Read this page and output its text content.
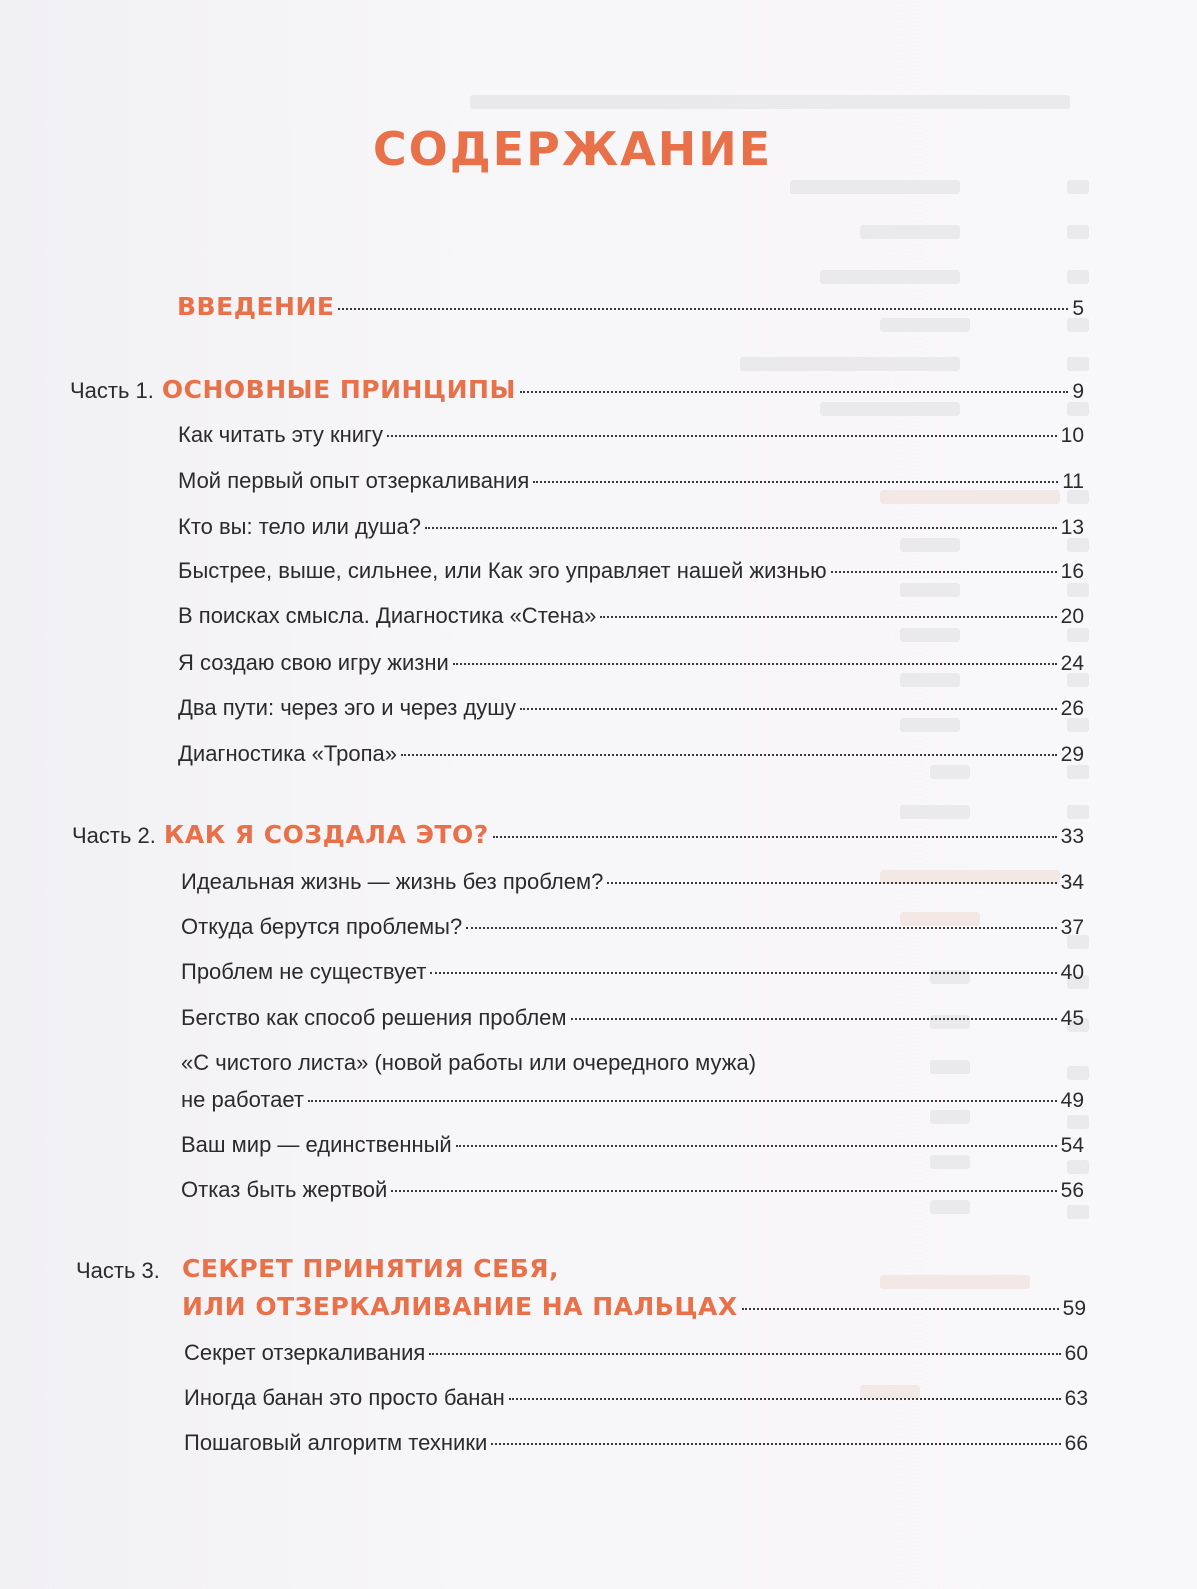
СОДЕРЖАНИЕ
ВВЕДЕНИЕ	5
Часть 1. ОСНОВНЫЕ ПРИНЦИПЫ	9
Как читать эту книгу	10
Мой первый опыт отзеркаливания	11
Кто вы: тело или душа?	13
Быстрее, выше, сильнее, или Как эго управляет нашей жизнью	16
В поисках смысла. Диагностика «Стена»	20
Я создаю свою игру жизни	24
Два пути: через эго и через душу	26
Диагностика «Тропа»	29
Часть 2. КАК Я СОЗДАЛА ЭТО?	33
Идеальная жизнь — жизнь без проблем?	34
Откуда берутся проблемы?	37
Проблем не существует	40
Бегство как способ решения проблем	45
«С чистого листа» (новой работы или очередного мужа)
не работает	49
Ваш мир — единственный	54
Отказ быть жертвой	56
Часть 3. СЕКРЕТ ПРИНЯТИЯ СЕБЯ,
ИЛИ ОТЗЕРКАЛИВАНИЕ НА ПАЛЬЦАХ	59
Секрет отзеркаливания	60
Иногда банан это просто банан	63
Пошаговый алгоритм техники	66
